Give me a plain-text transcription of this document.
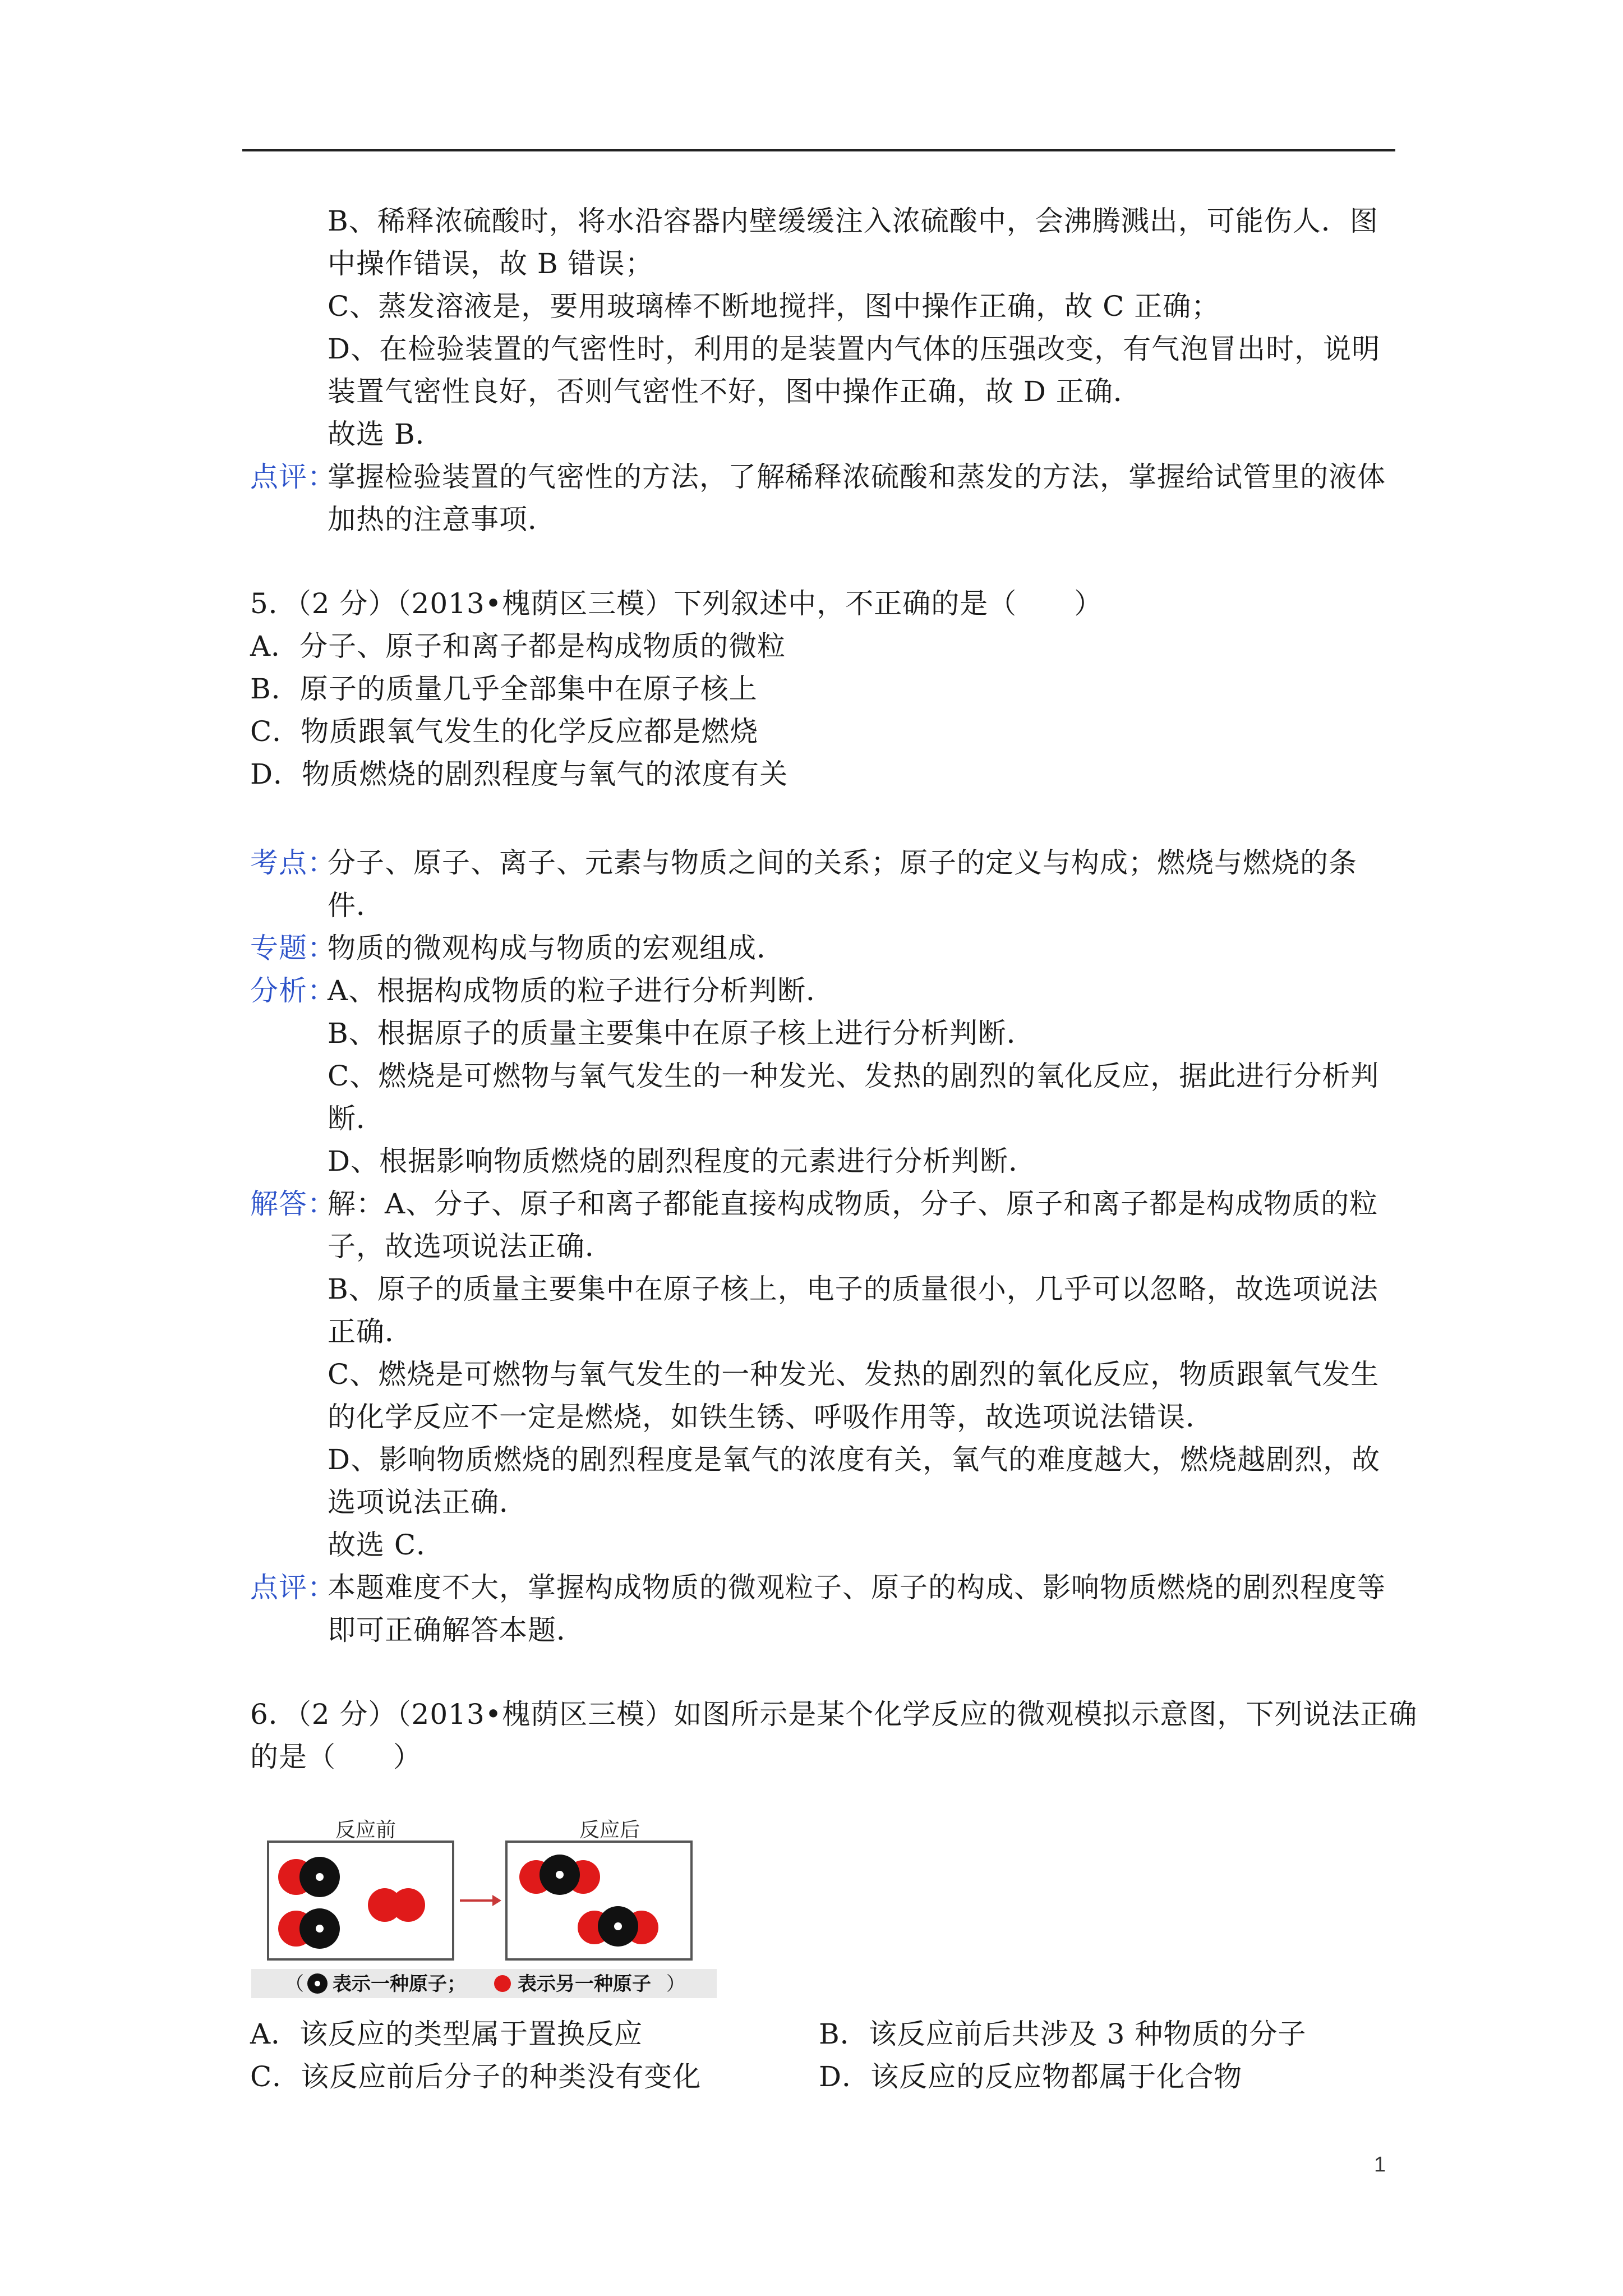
B、稀释浓硫酸时，将水沿容器内壁缓缓注入浓硫酸中，会沸腾溅出，可能伤人．图
中操作错误，故 B 错误；
C、蒸发溶液是，要用玻璃棒不断地搅拌，图中操作正确，故 C 正确；
D、在检验装置的气密性时，利用的是装置内气体的压强改变，有气泡冒出时，说明
装置气密性良好，否则气密性不好，图中操作正确，故 D 正确．
故选 B．
点评：
掌握检验装置的气密性的方法，了解稀释浓硫酸和蒸发的方法，掌握给试管里的液体
加热的注意事项．
5．（2 分）（2013•槐荫区三模）下列叙述中，不正确的是（　　）
A．分子、原子和离子都是构成物质的微粒
B．原子的质量几乎全部集中在原子核上
C．物质跟氧气发生的化学反应都是燃烧
D．物质燃烧的剧烈程度与氧气的浓度有关
考点：
分子、原子、离子、元素与物质之间的关系；原子的定义与构成；燃烧与燃烧的条
件．
专题：
物质的微观构成与物质的宏观组成．
分析：
A、根据构成物质的粒子进行分析判断．
B、根据原子的质量主要集中在原子核上进行分析判断．
C、燃烧是可燃物与氧气发生的一种发光、发热的剧烈的氧化反应，据此进行分析判
断．
D、根据影响物质燃烧的剧烈程度的元素进行分析判断．
解答：
解：A、分子、原子和离子都能直接构成物质，分子、原子和离子都是构成物质的粒
子，故选项说法正确．
B、原子的质量主要集中在原子核上，电子的质量很小，几乎可以忽略，故选项说法
正确．
C、燃烧是可燃物与氧气发生的一种发光、发热的剧烈的氧化反应，物质跟氧气发生
的化学反应不一定是燃烧，如铁生锈、呼吸作用等，故选项说法错误．
D、影响物质燃烧的剧烈程度是氧气的浓度有关，氧气的难度越大，燃烧越剧烈，故
选项说法正确．
故选 C．
点评：
本题难度不大，掌握构成物质的微观粒子、原子的构成、影响物质燃烧的剧烈程度等
即可正确解答本题．
6．（2 分）（2013•槐荫区三模）如图所示是某个化学反应的微观模拟示意图，下列说法正确
的是（　　）
反应前	反应后
（ 表示一种原子；	表示另一种原子 ）
A．该反应的类型属于置换反应	B．该反应前后共涉及 3 种物质的分子
C．该反应前后分子的种类没有变化	D．该反应的反应物都属于化合物
1
